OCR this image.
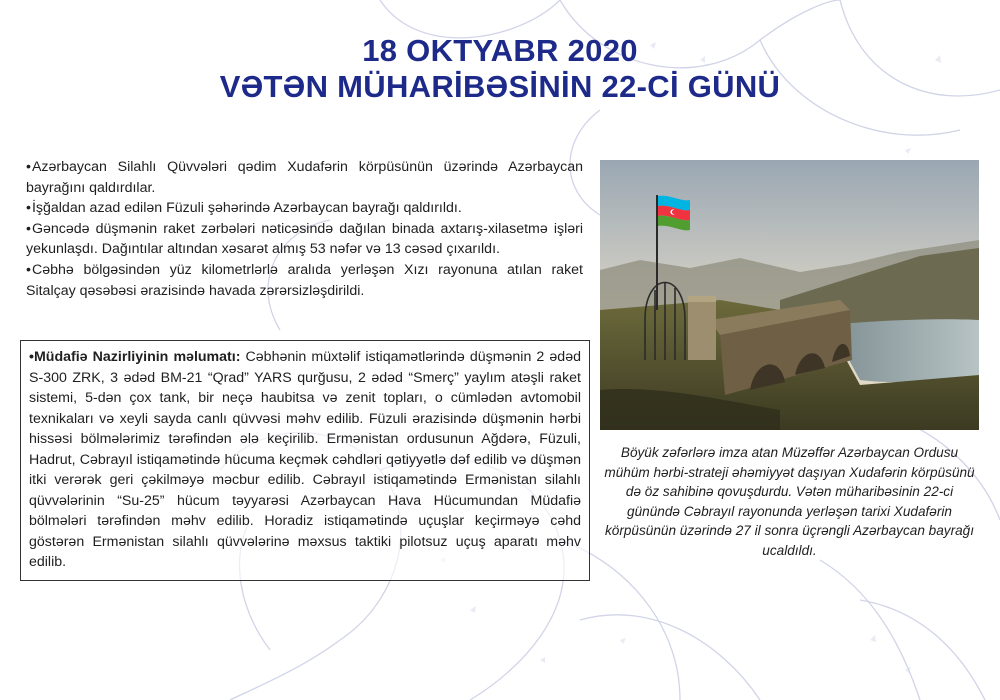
18 OKTYABR 2020
VƏTƏN MÜHARİBƏSİNİN 22-Cİ GÜNÜ

•Azərbaycan Silahlı Qüvvələri qədim Xudafərin körpüsünün üzərində Azərbaycan bayrağını qaldırdılar.

•İşğaldan azad edilən Füzuli şəhərində Azərbaycan bayrağı qaldırıldı.

•Gəncədə düşmənin raket zərbələri nəticəsində dağılan binada axtarış-xilasetmə işləri yekunlaşdı. Dağıntılar altından xəsarət almış 53 nəfər və 13 cəsəd çıxarıldı.

•Cəbhə bölgəsindən yüz kilometrlərlə aralıda yerləşən Xızı rayonuna atılan raket Sitalçay qəsəbəsi ərazisində havada zərərsizləşdirildi.

•Müdafiə Nazirliyinin məlumatı: Cəbhənin müxtəlif istiqamətlərində düşmənin 2 ədəd S-300 ZRK, 3 ədəd BM-21 “Qrad” YARS qurğusu, 2 ədəd “Smerç” yaylım atəşli raket sistemi, 5-dən çox tank, bir neçə haubitsa və zenit topları, o cümlədən avtomobil texnikaları və xeyli sayda canlı qüvvəsi məhv edilib. Füzuli ərazisində düşmənin hərbi hissəsi bölmələrimiz tərəfindən ələ keçirilib. Ermənistan ordusunun Ağdərə, Füzuli, Hadrut, Cəbrayıl istiqamətində hücuma keçmək cəhdləri qətiyyətlə dəf edilib və düşmən itki verərək geri çəkilməyə məcbur edilib. Cəbrayıl istiqamətində Ermənistan silahlı qüvvələrinin “Su-25” hücum təyyarəsi Azərbaycan Hava Hücumundan Müdafiə bölmələri tərəfindən məhv edilib. Horadiz istiqamətində uçuşlar keçirməyə cəhd göstərən Ermənistan silahlı qüvvələrinə məxsus taktiki pilotsuz uçuş aparatı məhv edilib.

Böyük zəfərlərə imza atan Müzəffər Azərbaycan Ordusu mühüm hərbi-strateji əhəmiyyət daşıyan Xudafərin körpüsünü də öz sahibinə qovuşdurdu. Vətən müharibəsinin 22-ci günündə Cəbrayıl rayonunda yerləşən tarixi Xudafərin körpüsünün üzərində 27 il sonra üçrəngli Azərbaycan bayrağı ucaldıldı.
